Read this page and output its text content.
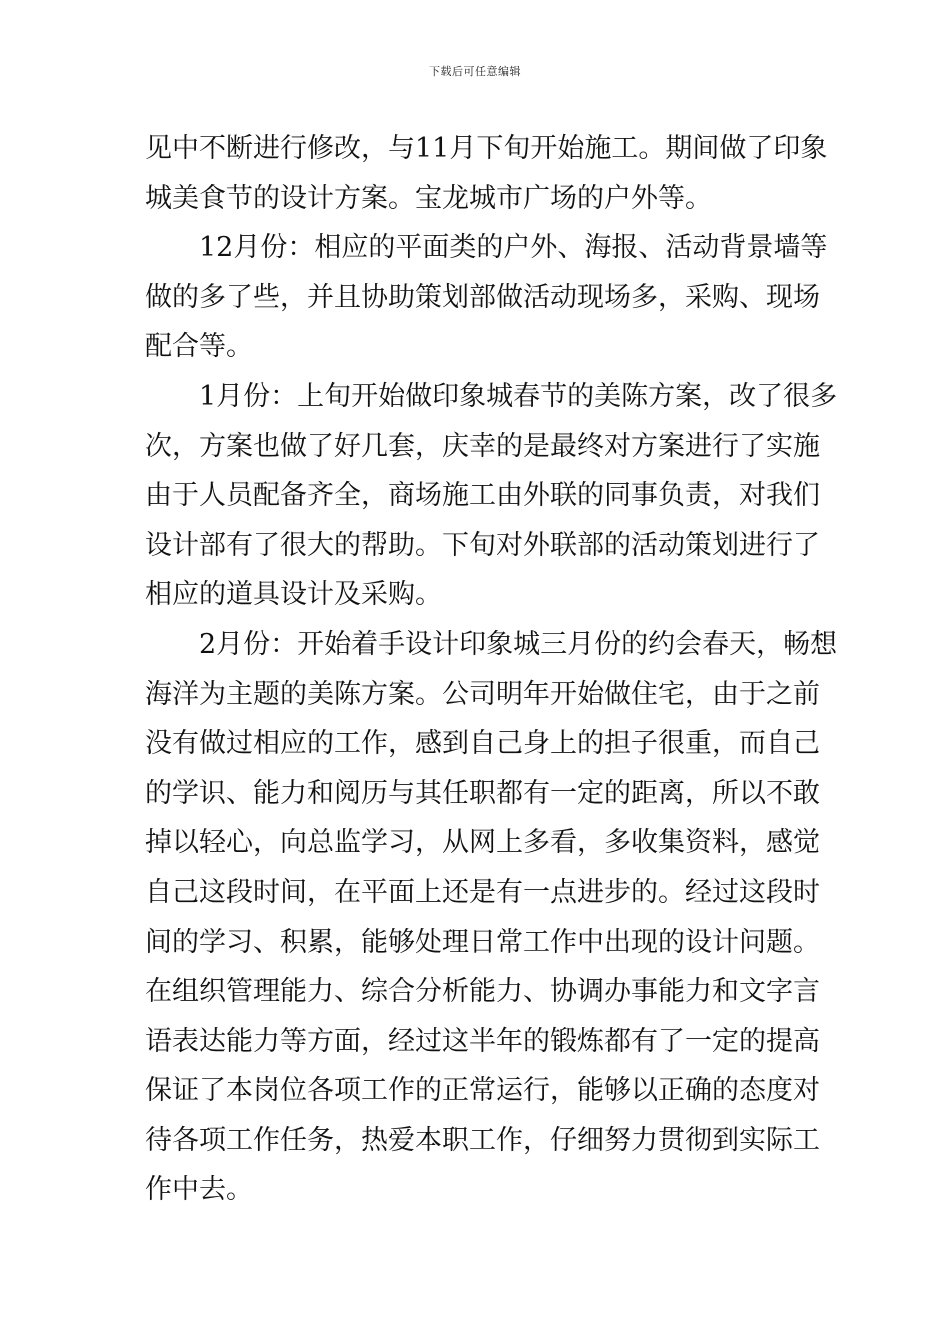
下载后可任意编辑
见中不断进行修改，与11月下旬开始施工。期间做了印象
城美食节的设计方案。宝龙城市广场的户外等。
12月份：相应的平面类的户外、海报、活动背景墙等
做的多了些，并且协助策划部做活动现场多，采购、现场
配合等。
1月份：上旬开始做印象城春节的美陈方案，改了很多
次，方案也做了好几套，庆幸的是最终对方案进行了实施
由于人员配备齐全，商场施工由外联的同事负责，对我们
设计部有了很大的帮助。下旬对外联部的活动策划进行了
相应的道具设计及采购。
2月份：开始着手设计印象城三月份的约会春天，畅想
海洋为主题的美陈方案。公司明年开始做住宅，由于之前
没有做过相应的工作，感到自己身上的担子很重，而自己
的学识、能力和阅历与其任职都有一定的距离，所以不敢
掉以轻心，向总监学习，从网上多看，多收集资料，感觉
自己这段时间，在平面上还是有一点进步的。经过这段时
间的学习、积累，能够处理日常工作中出现的设计问题。
在组织管理能力、综合分析能力、协调办事能力和文字言
语表达能力等方面，经过这半年的锻炼都有了一定的提高
保证了本岗位各项工作的正常运行，能够以正确的态度对
待各项工作任务，热爱本职工作，仔细努力贯彻到实际工
作中去。
